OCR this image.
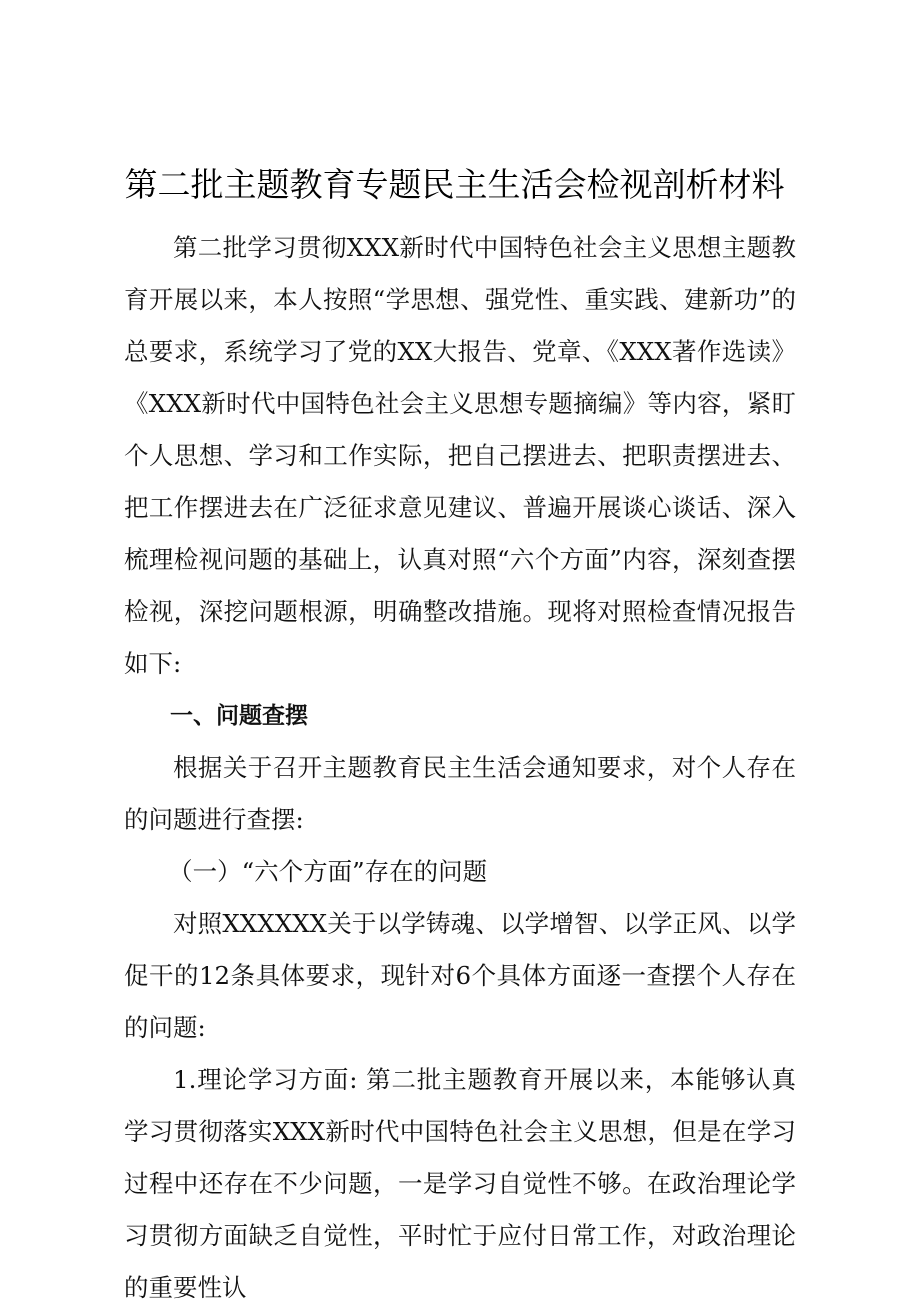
第二批主题教育专题民主生活会检视剖析材料

第二批学习贯彻XXX新时代中国特色社会主义思想主题教育开展以来，本人按照“学思想、强党性、重实践、建新功”的总要求，系统学习了党的XX大报告、党章、《XXX著作选读》《XXX新时代中国特色社会主义思想专题摘编》等内容，紧盯个人思想、学习和工作实际，把自己摆进去、把职责摆进去、把工作摆进去在广泛征求意见建议、普遍开展谈心谈话、深入梳理检视问题的基础上，认真对照“六个方面”内容，深刻查摆检视，深挖问题根源，明确整改措施。现将对照检查情况报告如下:

一、问题查摆

根据关于召开主题教育民主生活会通知要求，对个人存在的问题进行查摆:

（一）“六个方面”存在的问题

对照XXXXXX关于以学铸魂、以学增智、以学正风、以学促干的12条具体要求，现针对6个具体方面逐一查摆个人存在的问题:

1.理论学习方面: 第二批主题教育开展以来，本能够认真学习贯彻落实XXX新时代中国特色社会主义思想，但是在学习过程中还存在不少问题，一是学习自觉性不够。在政治理论学习贯彻方面缺乏自觉性，平时忙于应付日常工作，对政治理论的重要性认
